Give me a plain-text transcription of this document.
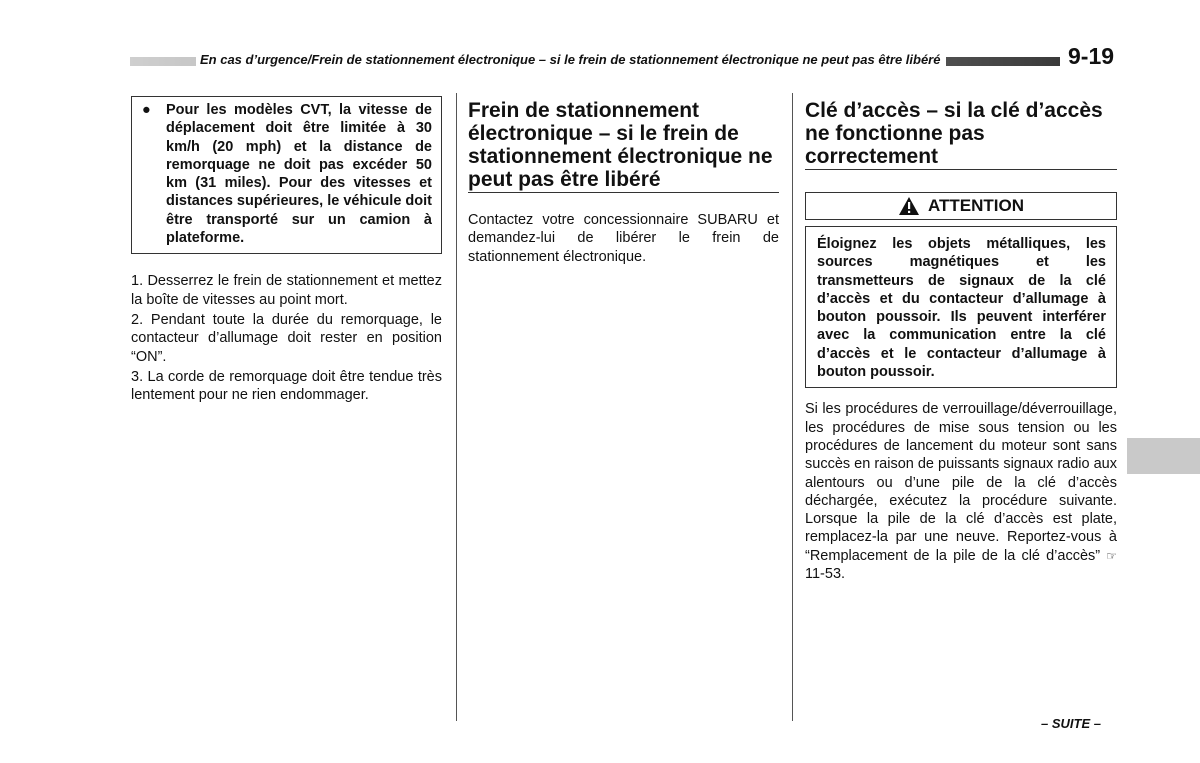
En cas d’urgence/Frein de stationnement électronique – si le frein de stationnement électronique ne peut pas être libéré	9-19
●	Pour les modèles CVT, la vitesse de déplacement doit être limitée à 30 km/h (20 mph) et la distance de remorquage ne doit pas excéder 50 km (31 miles). Pour des vitesses et distances supérieures, le véhicule doit être transporté sur un camion à plateforme.
1. Desserrez le frein de stationnement et mettez la boîte de vitesses au point mort.
2. Pendant toute la durée du remorquage, le contacteur d’allumage doit rester en position “ON”.
3. La corde de remorquage doit être tendue très lentement pour ne rien endommager.
Frein de stationnement électronique – si le frein de stationnement électronique ne peut pas être libéré
Contactez votre concessionnaire SUBARU et demandez-lui de libérer le frein de stationnement électronique.
Clé d’accès – si la clé d’accès ne fonctionne pas correctement
ATTENTION
Éloignez les objets métalliques, les sources magnétiques et les transmetteurs de signaux de la clé d’accès et du contacteur d’allumage à bouton poussoir. Ils peuvent interférer avec la communication entre la clé d’accès et le contacteur d’allumage à bouton poussoir.
Si les procédures de verrouillage/déverrouillage, les procédures de mise sous tension ou les procédures de lancement du moteur sont sans succès en raison de puissants signaux radio aux alentours ou d’une pile de la clé d’accès déchargée, exécutez la procédure suivante. Lorsque la pile de la clé d’accès est plate, remplacez-la par une neuve. Reportez-vous à “Remplacement de la pile de la clé d’accès” ☞11-53.
– SUITE –
